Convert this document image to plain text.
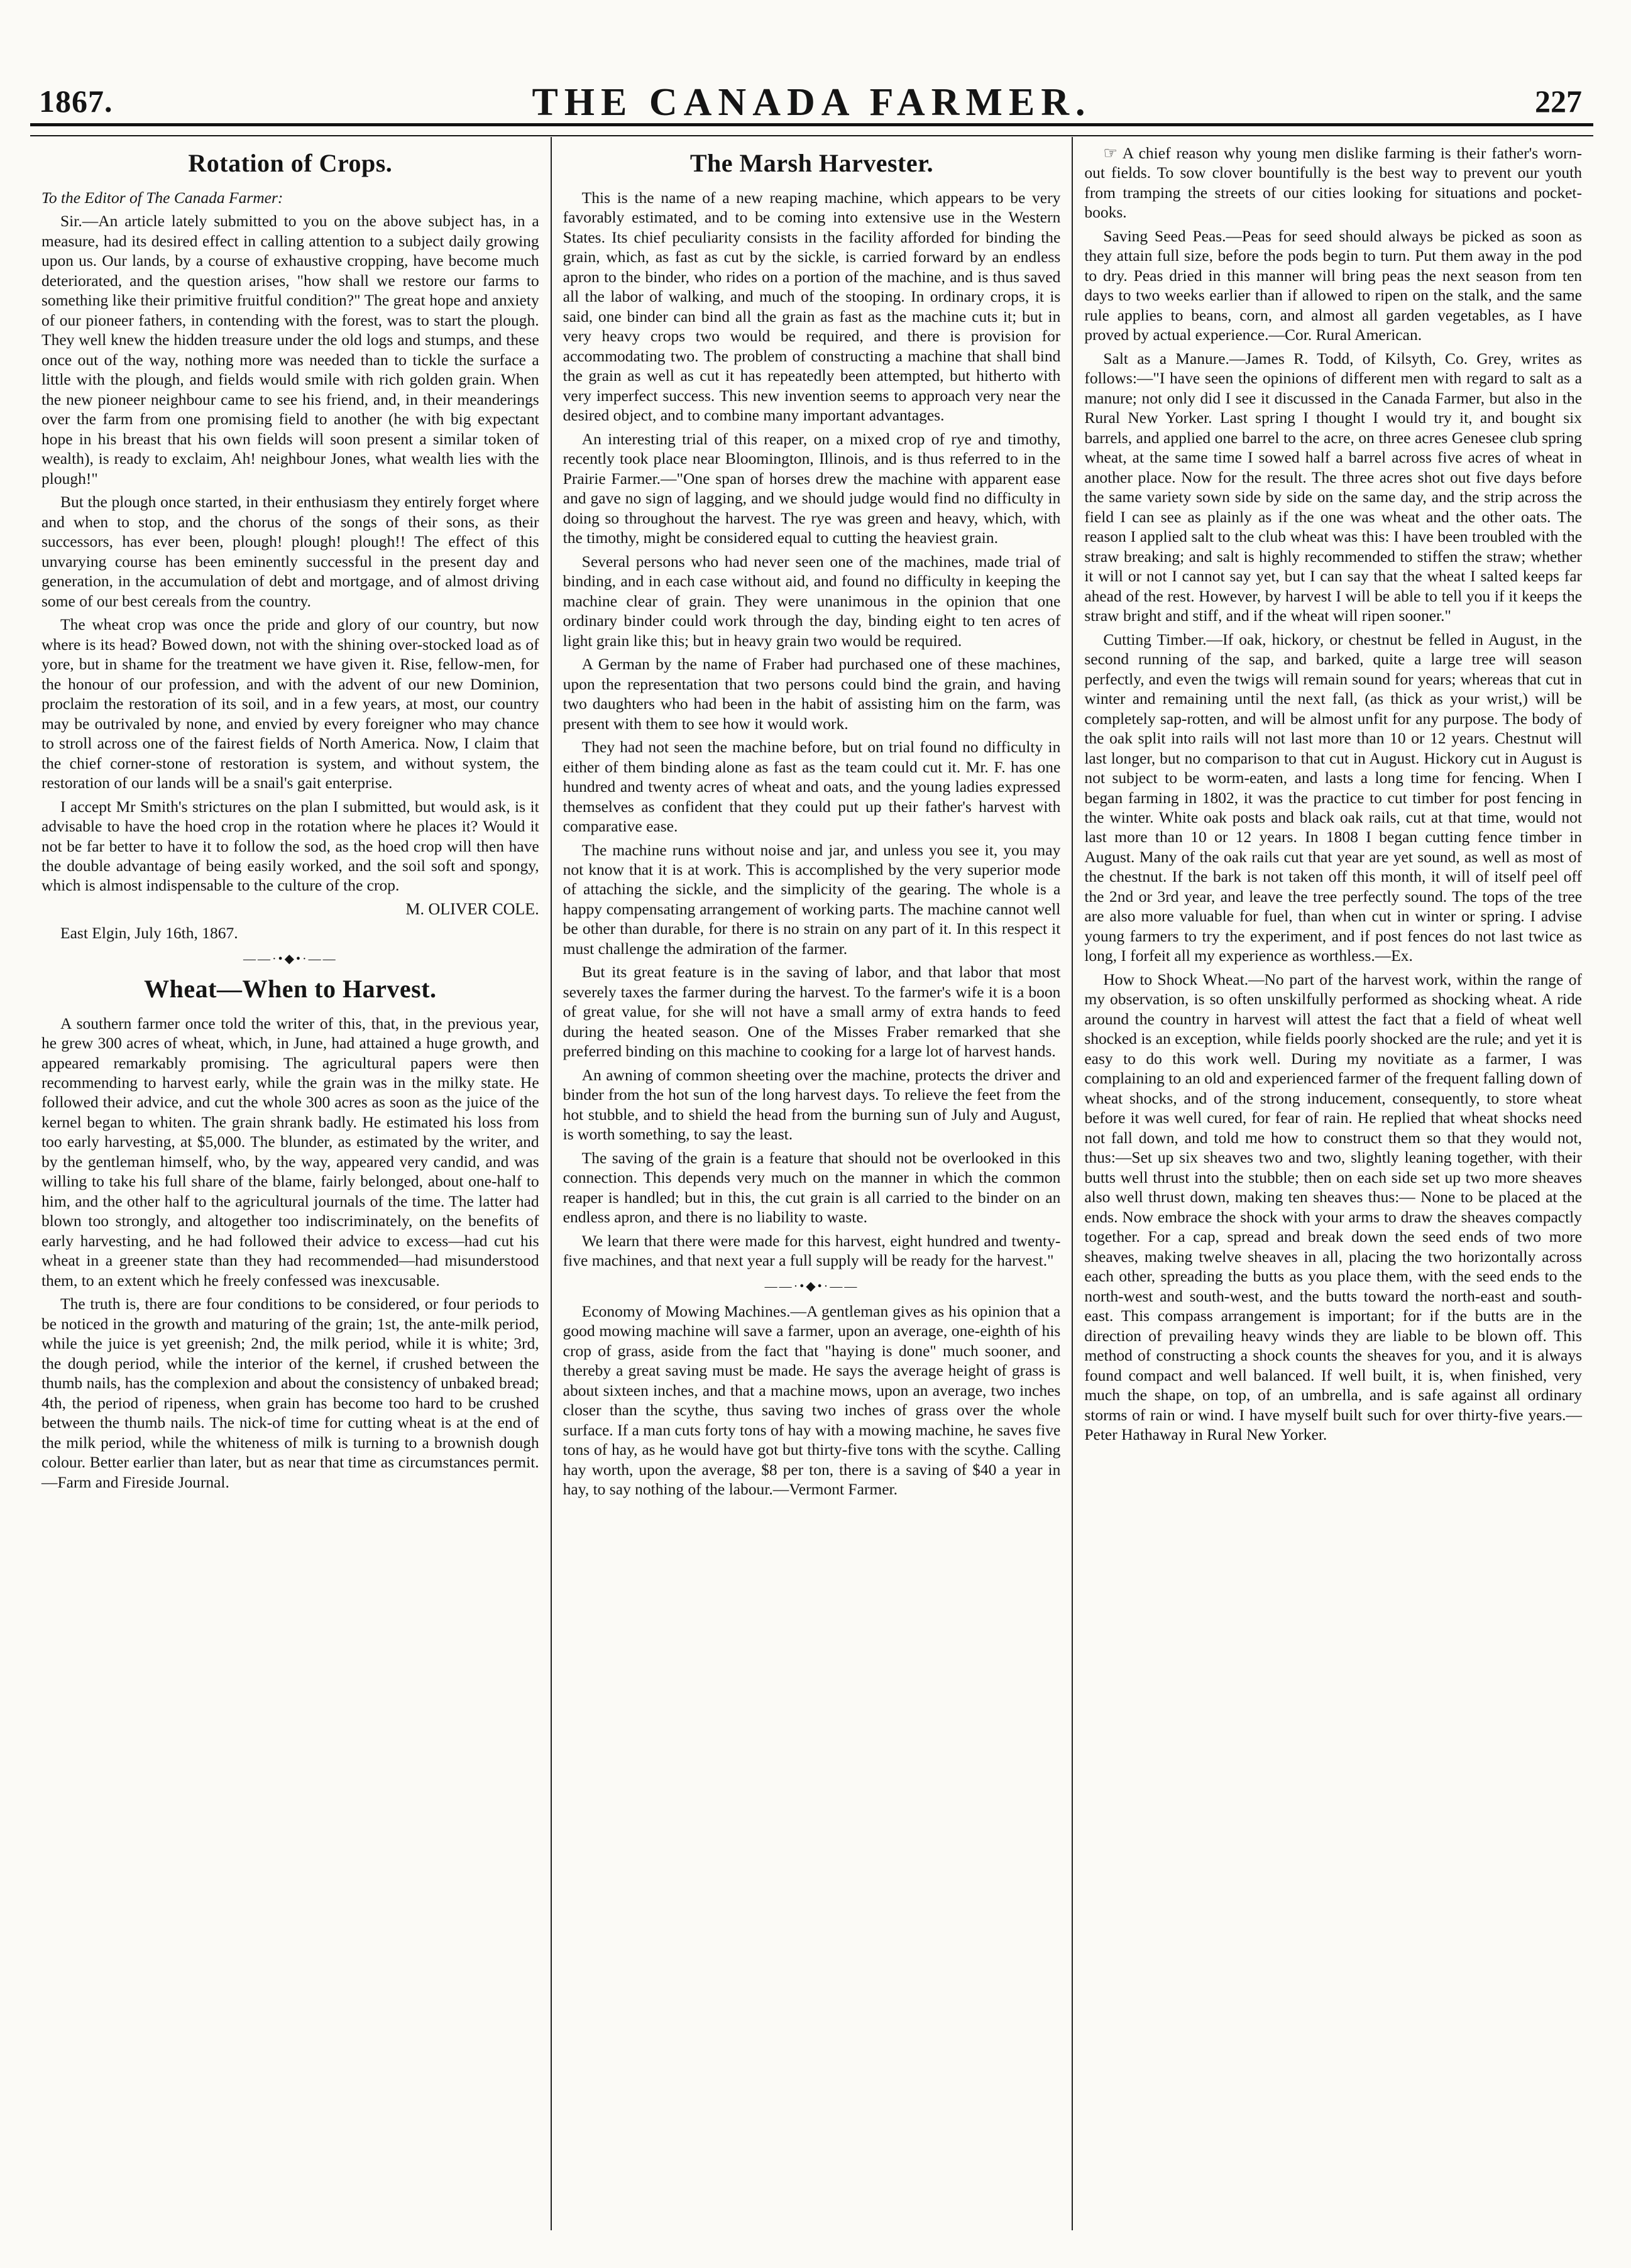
1867.	THE CANADA FARMER.	227
Rotation of Crops.

To the Editor of The Canada Farmer:

Sir.—An article lately submitted to you on the above subject has, in a measure, had its desired effect in calling attention to a subject daily growing upon us. Our lands, by a course of exhaustive cropping, have become much deteriorated, and the question arises, "how shall we restore our farms to something like their primitive fruitful condition?" The great hope and anxiety of our pioneer fathers, in contending with the forest, was to start the plough. They well knew the hidden treasure under the old logs and stumps, and these once out of the way, nothing more was needed than to tickle the surface a little with the plough, and fields would smile with rich golden grain. When the new pioneer neighbour came to see his friend, and, in their meanderings over the farm from one promising field to another (he with big expectant hope in his breast that his own fields will soon present a similar token of wealth), is ready to exclaim, Ah! neighbour Jones, what wealth lies with the plough!"

But the plough once started, in their enthusiasm they entirely forget where and when to stop, and the chorus of the songs of their sons, as their successors, has ever been, plough! plough! plough!! The effect of this unvarying course has been eminently successful in the present day and generation, in the accumulation of debt and mortgage, and of almost driving some of our best cereals from the country.

The wheat crop was once the pride and glory of our country, but now where is its head? Bowed down, not with the shining over-stocked load as of yore, but in shame for the treatment we have given it. Rise, fellow-men, for the honour of our profession, and with the advent of our new Dominion, proclaim the restoration of its soil, and in a few years, at most, our country may be outrivaled by none, and envied by every foreigner who may chance to stroll across one of the fairest fields of North America. Now, I claim that the chief corner-stone of restoration is system, and without system, the restoration of our lands will be a snail's gait enterprise.

I accept Mr Smith's strictures on the plan I submitted, but would ask, is it advisable to have the hoed crop in the rotation where he places it? Would it not be far better to have it to follow the sod, as the hoed crop will then have the double advantage of being easily worked, and the soil soft and spongy, which is almost indispensable to the culture of the crop.

M. OLIVER COLE.

East Elgin, July 16th, 1867.

——·•◆•·——
Wheat—When to Harvest.

A southern farmer once told the writer of this, that, in the previous year, he grew 300 acres of wheat, which, in June, had attained a huge growth, and appeared remarkably promising. The agricultural papers were then recommending to harvest early, while the grain was in the milky state. He followed their advice, and cut the whole 300 acres as soon as the juice of the kernel began to whiten. The grain shrank badly. He estimated his loss from too early harvesting, at $5,000. The blunder, as estimated by the writer, and by the gentleman himself, who, by the way, appeared very candid, and was willing to take his full share of the blame, fairly belonged, about one-half to him, and the other half to the agricultural journals of the time. The latter had blown too strongly, and altogether too indiscriminately, on the benefits of early harvesting, and he had followed their advice to excess—had cut his wheat in a greener state than they had recommended—had misunderstood them, to an extent which he freely confessed was inexcusable.

The truth is, there are four conditions to be considered, or four periods to be noticed in the growth and maturing of the grain; 1st, the ante-milk period, while the juice is yet greenish; 2nd, the milk period, while it is white; 3rd, the dough period, while the interior of the kernel, if crushed between the thumb nails, has the complexion and about the consistency of unbaked bread; 4th, the period of ripeness, when grain has become too hard to be crushed between the thumb nails. The nick-of time for cutting wheat is at the end of the milk period, while the whiteness of milk is turning to a brownish dough colour. Better earlier than later, but as near that time as circumstances permit.—Farm and Fireside Journal.

The Marsh Harvester.

This is the name of a new reaping machine, which appears to be very favorably estimated, and to be coming into extensive use in the Western States. Its chief peculiarity consists in the facility afforded for binding the grain, which, as fast as cut by the sickle, is carried forward by an endless apron to the binder, who rides on a portion of the machine, and is thus saved all the labor of walking, and much of the stooping. In ordinary crops, it is said, one binder can bind all the grain as fast as the machine cuts it; but in very heavy crops two would be required, and there is provision for accommodating two. The problem of constructing a machine that shall bind the grain as well as cut it has repeatedly been attempted, but hitherto with very imperfect success. This new invention seems to approach very near the desired object, and to combine many important advantages.

An interesting trial of this reaper, on a mixed crop of rye and timothy, recently took place near Bloomington, Illinois, and is thus referred to in the Prairie Farmer.—"One span of horses drew the machine with apparent ease and gave no sign of lagging, and we should judge would find no difficulty in doing so throughout the harvest. The rye was green and heavy, which, with the timothy, might be considered equal to cutting the heaviest grain.

Several persons who had never seen one of the machines, made trial of binding, and in each case without aid, and found no difficulty in keeping the machine clear of grain. They were unanimous in the opinion that one ordinary binder could work through the day, binding eight to ten acres of light grain like this; but in heavy grain two would be required.

A German by the name of Fraber had purchased one of these machines, upon the representation that two persons could bind the grain, and having two daughters who had been in the habit of assisting him on the farm, was present with them to see how it would work.

They had not seen the machine before, but on trial found no difficulty in either of them binding alone as fast as the team could cut it. Mr. F. has one hundred and twenty acres of wheat and oats, and the young ladies expressed themselves as confident that they could put up their father's harvest with comparative ease.

The machine runs without noise and jar, and unless you see it, you may not know that it is at work. This is accomplished by the very superior mode of attaching the sickle, and the simplicity of the gearing. The whole is a happy compensating arrangement of working parts. The machine cannot well be other than durable, for there is no strain on any part of it. In this respect it must challenge the admiration of the farmer.

But its great feature is in the saving of labor, and that labor that most severely taxes the farmer during the harvest. To the farmer's wife it is a boon of great value, for she will not have a small army of extra hands to feed during the heated season. One of the Misses Fraber remarked that she preferred binding on this machine to cooking for a large lot of harvest hands.

An awning of common sheeting over the machine, protects the driver and binder from the hot sun of the long harvest days. To relieve the feet from the hot stubble, and to shield the head from the burning sun of July and August, is worth something, to say the least.

The saving of the grain is a feature that should not be overlooked in this connection. This depends very much on the manner in which the common reaper is handled; but in this, the cut grain is all carried to the binder on an endless apron, and there is no liability to waste.

We learn that there were made for this harvest, eight hundred and twenty-five machines, and that next year a full supply will be ready for the harvest."

——·•◆•·——

Economy of Mowing Machines.—A gentleman gives as his opinion that a good mowing machine will save a farmer, upon an average, one-eighth of his crop of grass, aside from the fact that "haying is done" much sooner, and thereby a great saving must be made. He says the average height of grass is about sixteen inches, and that a machine mows, upon an average, two inches closer than the scythe, thus saving two inches of grass over the whole surface. If a man cuts forty tons of hay with a mowing machine, he saves five tons of hay, as he would have got but thirty-five tons with the scythe. Calling hay worth, upon the average, $8 per ton, there is a saving of $40 a year in hay, to say nothing of the labour.—Vermont Farmer.

☞ A chief reason why young men dislike farming is their father's worn-out fields. To sow clover bountifully is the best way to prevent our youth from tramping the streets of our cities looking for situations and pocket-books.

Saving Seed Peas.—Peas for seed should always be picked as soon as they attain full size, before the pods begin to turn. Put them away in the pod to dry. Peas dried in this manner will bring peas the next season from ten days to two weeks earlier than if allowed to ripen on the stalk, and the same rule applies to beans, corn, and almost all garden vegetables, as I have proved by actual experience.—Cor. Rural American.

Salt as a Manure.—James R. Todd, of Kilsyth, Co. Grey, writes as follows:—"I have seen the opinions of different men with regard to salt as a manure; not only did I see it discussed in the Canada Farmer, but also in the Rural New Yorker. Last spring I thought I would try it, and bought six barrels, and applied one barrel to the acre, on three acres Genesee club spring wheat, at the same time I sowed half a barrel across five acres of wheat in another place. Now for the result. The three acres shot out five days before the same variety sown side by side on the same day, and the strip across the field I can see as plainly as if the one was wheat and the other oats. The reason I applied salt to the club wheat was this: I have been troubled with the straw breaking; and salt is highly recommended to stiffen the straw; whether it will or not I cannot say yet, but I can say that the wheat I salted keeps far ahead of the rest. However, by harvest I will be able to tell you if it keeps the straw bright and stiff, and if the wheat will ripen sooner."

Cutting Timber.—If oak, hickory, or chestnut be felled in August, in the second running of the sap, and barked, quite a large tree will season perfectly, and even the twigs will remain sound for years; whereas that cut in winter and remaining until the next fall, (as thick as your wrist,) will be completely sap-rotten, and will be almost unfit for any purpose. The body of the oak split into rails will not last more than 10 or 12 years. Chestnut will last longer, but no comparison to that cut in August. Hickory cut in August is not subject to be worm-eaten, and lasts a long time for fencing. When I began farming in 1802, it was the practice to cut timber for post fencing in the winter. White oak posts and black oak rails, cut at that time, would not last more than 10 or 12 years. In 1808 I began cutting fence timber in August. Many of the oak rails cut that year are yet sound, as well as most of the chestnut. If the bark is not taken off this month, it will of itself peel off the 2nd or 3rd year, and leave the tree perfectly sound. The tops of the tree are also more valuable for fuel, than when cut in winter or spring. I advise young farmers to try the experiment, and if post fences do not last twice as long, I forfeit all my experience as worthless.—Ex.

How to Shock Wheat.—No part of the harvest work, within the range of my observation, is so often unskilfully performed as shocking wheat. A ride around the country in harvest will attest the fact that a field of wheat well shocked is an exception, while fields poorly shocked are the rule; and yet it is easy to do this work well. During my novitiate as a farmer, I was complaining to an old and experienced farmer of the frequent falling down of wheat shocks, and of the strong inducement, consequently, to store wheat before it was well cured, for fear of rain. He replied that wheat shocks need not fall down, and told me how to construct them so that they would not, thus:—Set up six sheaves two and two, slightly leaning together, with their butts well thrust into the stubble; then on each side set up two more sheaves also well thrust down, making ten sheaves thus:— None to be placed at the ends. Now embrace the shock with your arms to draw the sheaves compactly together. For a cap, spread and break down the seed ends of two more sheaves, making twelve sheaves in all, placing the two horizontally across each other, spreading the butts as you place them, with the seed ends to the north-west and south-west, and the butts toward the north-east and south-east. This compass arrangement is important; for if the butts are in the direction of prevailing heavy winds they are liable to be blown off. This method of constructing a shock counts the sheaves for you, and it is always found compact and well balanced. If well built, it is, when finished, very much the shape, on top, of an umbrella, and is safe against all ordinary storms of rain or wind. I have myself built such for over thirty-five years.—Peter Hathaway in Rural New Yorker.
